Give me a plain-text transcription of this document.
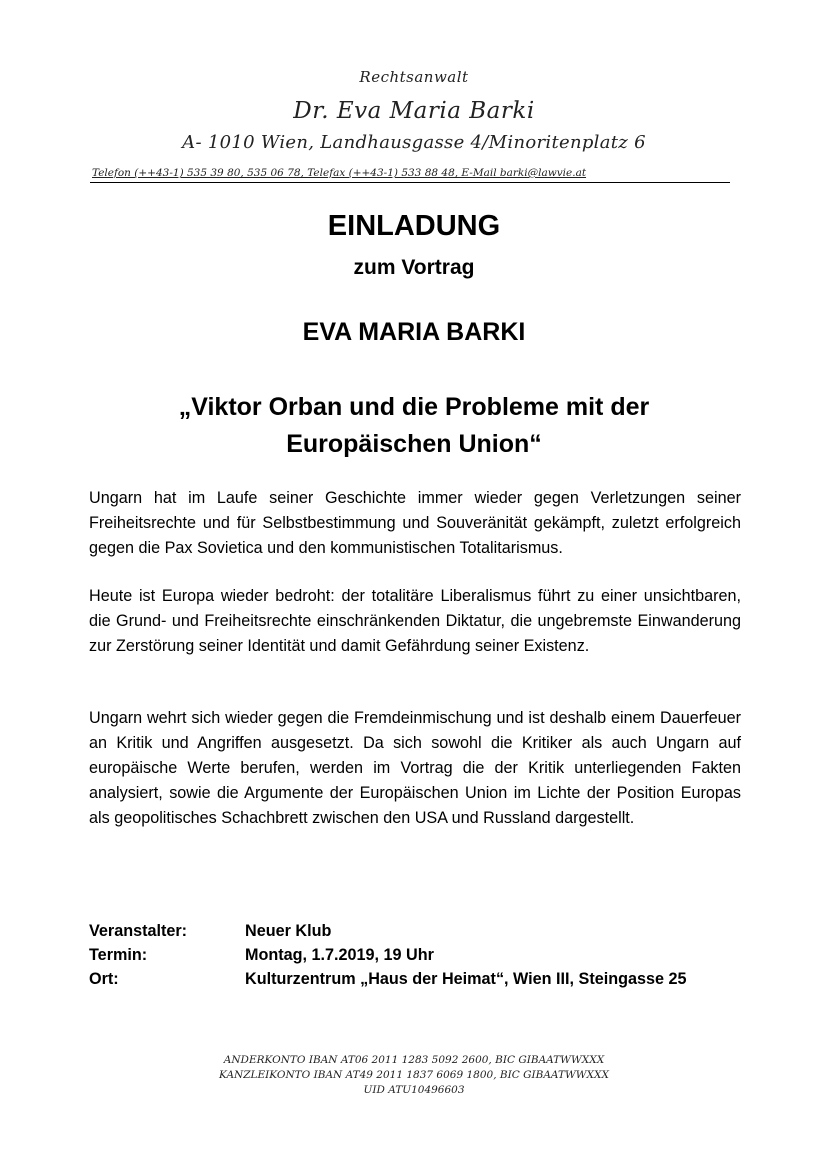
Rechtsanwalt
Dr. Eva Maria Barki
A- 1010 Wien, Landhausgasse 4/Minoritenplatz 6
Telefon (++43-1) 535 39 80, 535 06 78, Telefax (++43-1) 533 88 48, E-Mail barki@lawvie.at
EINLADUNG
zum Vortrag
EVA MARIA BARKI
„Viktor Orban und die Probleme mit der
Europäischen Union“

Ungarn hat im Laufe seiner Geschichte immer wieder gegen Verletzungen seiner Freiheitsrechte und für Selbstbestimmung und Souveränität gekämpft, zuletzt erfolgreich gegen die Pax Sovietica und den kommunistischen Totalitarismus.

Heute ist Europa wieder bedroht: der totalitäre Liberalismus führt zu einer unsichtbaren, die Grund- und Freiheitsrechte einschränkenden Diktatur, die ungebremste Einwanderung zur Zerstörung seiner Identität und damit Gefährdung seiner Existenz.

Ungarn wehrt sich wieder gegen die Fremdeinmischung und ist deshalb einem Dauerfeuer an Kritik und Angriffen ausgesetzt. Da sich sowohl die Kritiker als auch Ungarn auf europäische Werte berufen, werden im Vortrag die der Kritik unterliegenden Fakten analysiert, sowie die Argumente der Europäischen Union im Lichte der Position Europas als geopolitisches Schachbrett zwischen den USA und Russland dargestellt.

Veranstalter:	Neuer Klub
Termin:	Montag, 1.7.2019, 19 Uhr
Ort:	Kulturzentrum „Haus der Heimat“, Wien III, Steingasse 25
ANDERKONTO IBAN AT06 2011 1283 5092 2600, BIC GIBAATWWXXX
KANZLEIKONTO IBAN AT49 2011 1837 6069 1800, BIC GIBAATWWXXX
UID ATU10496603
